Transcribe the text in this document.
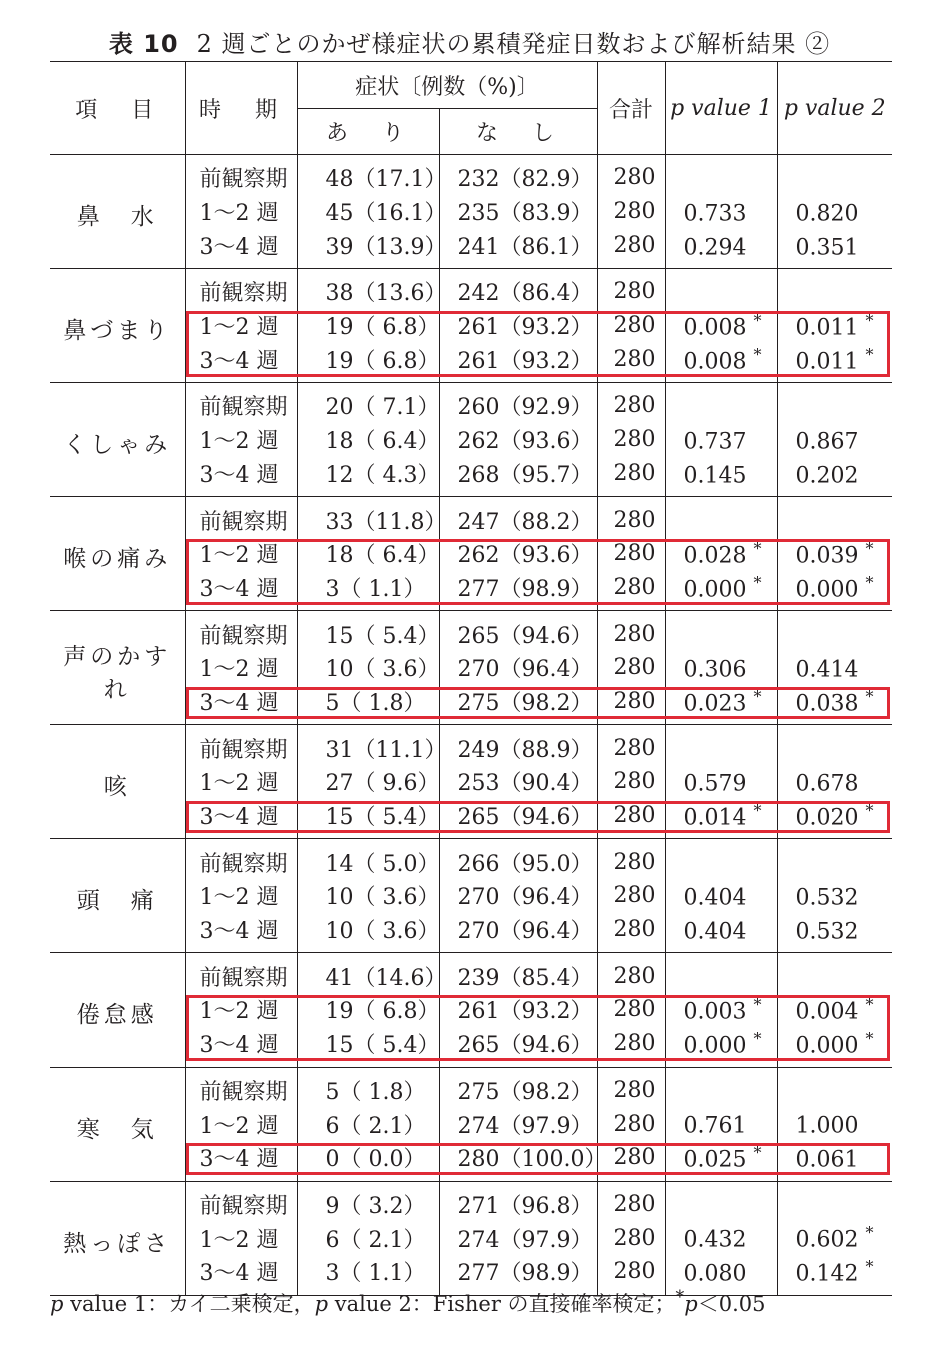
表 10 2 週ごとのかぜ様症状の累積発症日数および解析結果 ②
項　目	時　期	症状〔例数（%)〕		合計	p value 1	p value 2
		あ　り	な　し			
鼻　水	前観察期	48（17.1）	232（82.9）	280		
	1～2 週	45（16.1）	235（83.9）	280	0.733	0.820
	3～4 週	39（13.9）	241（86.1）	280	0.294	0.351
鼻づまり	前観察期	38（13.6）	242（86.4）	280		
	1～2 週	19（ 6.8）	261（93.2）	280	0.008 *	0.011 *
	3～4 週	19（ 6.8）	261（93.2）	280	0.008 *	0.011 *
くしゃみ	前観察期	20（ 7.1）	260（92.9）	280		
	1～2 週	18（ 6.4）	262（93.6）	280	0.737	0.867
	3～4 週	12（ 4.3）	268（95.7）	280	0.145	0.202
喉の痛み	前観察期	33（11.8）	247（88.2）	280		
	1～2 週	18（ 6.4）	262（93.6）	280	0.028 *	0.039 *
	3～4 週	3（ 1.1）	277（98.9）	280	0.000 *	0.000 *
声のかすれ	前観察期	15（ 5.4）	265（94.6）	280		
	1～2 週	10（ 3.6）	270（96.4）	280	0.306	0.414
	3～4 週	5（ 1.8）	275（98.2）	280	0.023 *	0.038 *
咳	前観察期	31（11.1）	249（88.9）	280		
	1～2 週	27（ 9.6）	253（90.4）	280	0.579	0.678
	3～4 週	15（ 5.4）	265（94.6）	280	0.014 *	0.020 *
頭　痛	前観察期	14（ 5.0）	266（95.0）	280		
	1～2 週	10（ 3.6）	270（96.4）	280	0.404	0.532
	3～4 週	10（ 3.6）	270（96.4）	280	0.404	0.532
倦怠感	前観察期	41（14.6）	239（85.4）	280		
	1～2 週	19（ 6.8）	261（93.2）	280	0.003 *	0.004 *
	3～4 週	15（ 5.4）	265（94.6）	280	0.000 *	0.000 *
寒　気	前観察期	5（ 1.8）	275（98.2）	280		
	1～2 週	6（ 2.1）	274（97.9）	280	0.761	1.000
	3～4 週	0（ 0.0）	280（100.0）	280	0.025 *	0.061
熱っぽさ	前観察期	9（ 3.2）	271（96.8）	280		
	1～2 週	6（ 2.1）	274（97.9）	280	0.432	0.602 *
	3～4 週	3（ 1.1）	277（98.9）	280	0.080	0.142 *
p value 1：カイ二乗検定，p value 2：Fisher の直接確率検定；*p＜0.05
